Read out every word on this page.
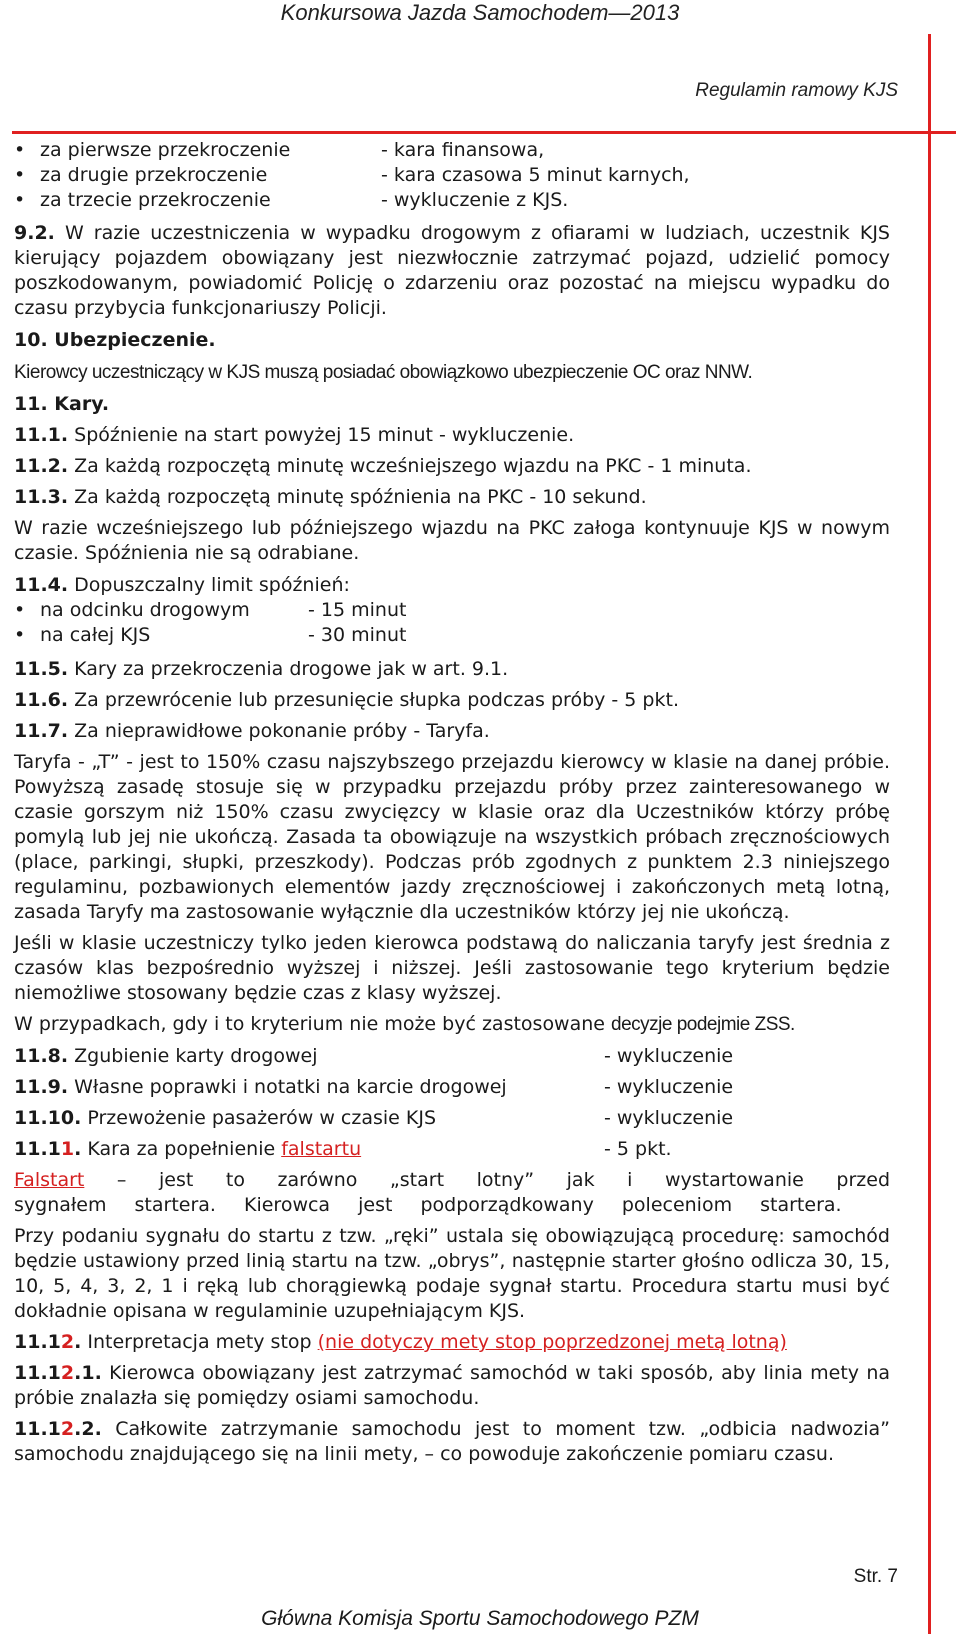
Konkursowa Jazda Samochodem—2013
Regulamin ramowy KJS
• za pierwsze przekroczenie	- kara finansowa,
• za drugie przekroczenie	- kara czasowa 5 minut karnych,
• za trzecie przekroczenie	- wykluczenie z KJS.

9.2. W razie uczestniczenia w wypadku drogowym z ofiarami w ludziach, uczestnik KJS kierujący pojazdem obowiązany jest niezwłocznie zatrzymać pojazd, udzielić pomocy poszkodowanym, powiadomić Policję o zdarzeniu oraz pozostać na miejscu wypadku do czasu przybycia funkcjonariuszy Policji.

10. Ubezpieczenie.

Kierowcy uczestniczący w KJS muszą posiadać obowiązkowo ubezpieczenie OC oraz NNW.

11. Kary.

11.1. Spóźnienie na start powyżej 15 minut - wykluczenie.

11.2. Za każdą rozpoczętą minutę wcześniejszego wjazdu na PKC - 1 minuta.

11.3. Za każdą rozpoczętą minutę spóźnienia na PKC - 10 sekund.

W razie wcześniejszego lub późniejszego wjazdu na PKC załoga kontynuuje KJS w nowym czasie. Spóźnienia nie są odrabiane.

11.4. Dopuszczalny limit spóźnień:

• na odcinku drogowym	- 15 minut
• na całej KJS	- 30 minut

11.5. Kary za przekroczenia drogowe jak w art. 9.1.

11.6. Za przewrócenie lub przesunięcie słupka podczas próby - 5 pkt.

11.7. Za nieprawidłowe pokonanie próby - Taryfa.

Taryfa - „T” - jest to 150% czasu najszybszego przejazdu kierowcy w klasie na danej próbie. Powyższą zasadę stosuje się w przypadku przejazdu próby przez zainteresowanego w czasie gorszym niż 150% czasu zwycięzcy w klasie oraz dla Uczestników którzy próbę pomylą lub jej nie ukończą. Zasada ta obowiązuje na wszystkich próbach zręcznościowych (place, parkingi, słupki, przeszkody). Podczas prób zgodnych z punktem 2.3 niniejszego regulaminu, pozbawionych elementów jazdy zręcznościowej i zakończonych metą lotną, zasada Taryfy ma zastosowanie wyłącznie dla uczestników którzy jej nie ukończą.

Jeśli w klasie uczestniczy tylko jeden kierowca podstawą do naliczania taryfy jest średnia z czasów klas bezpośrednio wyższej i niższej. Jeśli zastosowanie tego kryterium będzie niemożliwe stosowany będzie czas z klasy wyższej.

W przypadkach, gdy i to kryterium nie może być zastosowane decyzje podejmie ZSS.

11.8. Zgubienie karty drogowej	- wykluczenie
11.9. Własne poprawki i notatki na karcie drogowej	- wykluczenie
11.10. Przewożenie pasażerów w czasie KJS	- wykluczenie
11.11. Kara za popełnienie falstartu	- 5 pkt.

Falstart – jest to zarówno „start lotny” jak i wystartowanie przed sygnałem startera. Kierowca jest podporządkowany poleceniom startera.

Przy podaniu sygnału do startu z tzw. „ręki” ustala się obowiązującą procedurę: samochód będzie ustawiony przed linią startu na tzw. „obrys”, następnie starter głośno odlicza 30, 15, 10, 5, 4, 3, 2, 1 i ręką lub chorągiewką podaje sygnał startu. Procedura startu musi być dokładnie opisana w regulaminie uzupełniającym KJS.

11.12. Interpretacja mety stop (nie dotyczy mety stop poprzedzonej metą lotną)

11.12.1. Kierowca obowiązany jest zatrzymać samochód w taki sposób, aby linia mety na próbie znalazła się pomiędzy osiami samochodu.

11.12.2. Całkowite zatrzymanie samochodu jest to moment tzw. „odbicia nadwozia” samochodu znajdującego się na linii mety, – co powoduje zakończenie pomiaru czasu.

Str. 7
Główna Komisja Sportu Samochodowego PZM
